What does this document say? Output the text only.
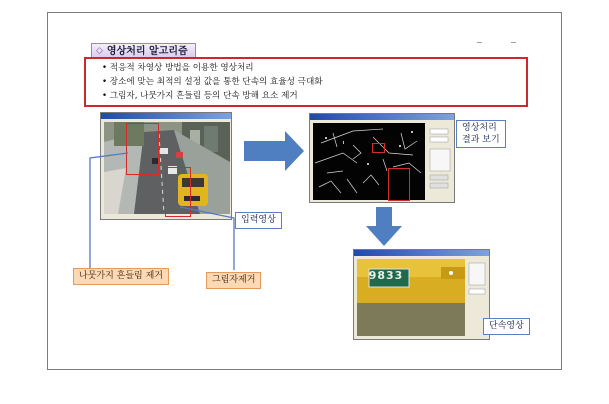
◇ 영상처리 알고리즘
• 적응적 차영상 방법을 이용한 영상처리
• 장소에 맞는 최적의 설정 값을 통한 단속의 효율성 극대화
• 그림자, 나뭇가지 흔들림 등의 단속 방해 요소 제거
9833
입력영상
영상처리
결과 보기
단속영상
나뭇가지 흔들림 제거	그림자제거
